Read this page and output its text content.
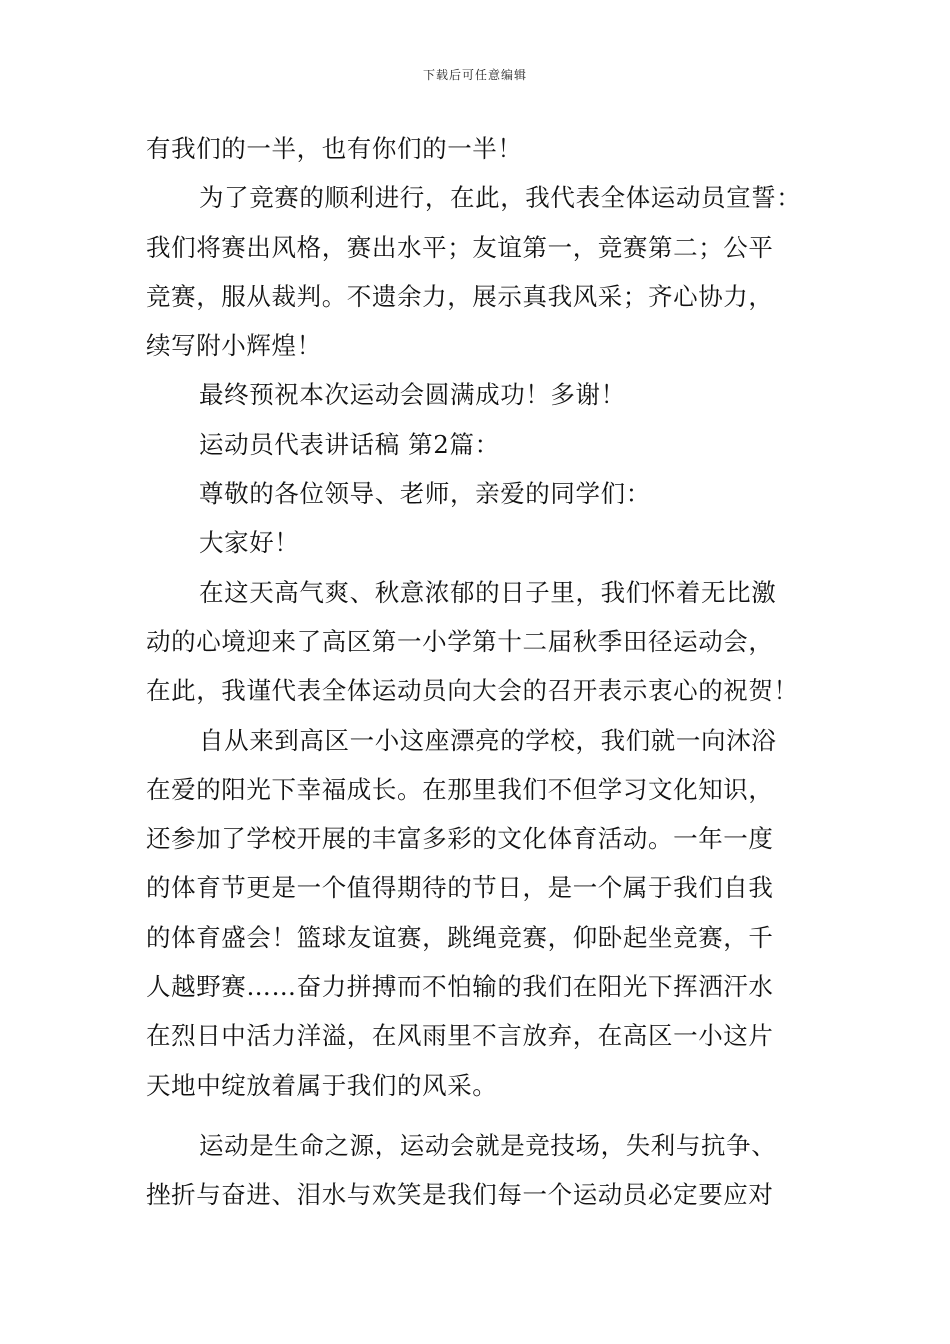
下载后可任意编辑
有我们的一半，也有你们的一半！
为了竞赛的顺利进行，在此，我代表全体运动员宣誓：
我们将赛出风格，赛出水平；友谊第一，竞赛第二；公平
竞赛，服从裁判。不遗余力，展示真我风采；齐心协力，
续写附小辉煌！
最终预祝本次运动会圆满成功！多谢！
运动员代表讲话稿 第2篇：
尊敬的各位领导、老师，亲爱的同学们：
大家好！
在这天高气爽、秋意浓郁的日子里，我们怀着无比激
动的心境迎来了高区第一小学第十二届秋季田径运动会，
在此，我谨代表全体运动员向大会的召开表示衷心的祝贺！
自从来到高区一小这座漂亮的学校，我们就一向沐浴
在爱的阳光下幸福成长。在那里我们不但学习文化知识，
还参加了学校开展的丰富多彩的文化体育活动。一年一度
的体育节更是一个值得期待的节日，是一个属于我们自我
的体育盛会！篮球友谊赛，跳绳竞赛，仰卧起坐竞赛，千
人越野赛……奋力拼搏而不怕输的我们在阳光下挥洒汗水
在烈日中活力洋溢，在风雨里不言放弃，在高区一小这片
天地中绽放着属于我们的风采。
运动是生命之源，运动会就是竞技场，失利与抗争、
挫折与奋进、泪水与欢笑是我们每一个运动员必定要应对
